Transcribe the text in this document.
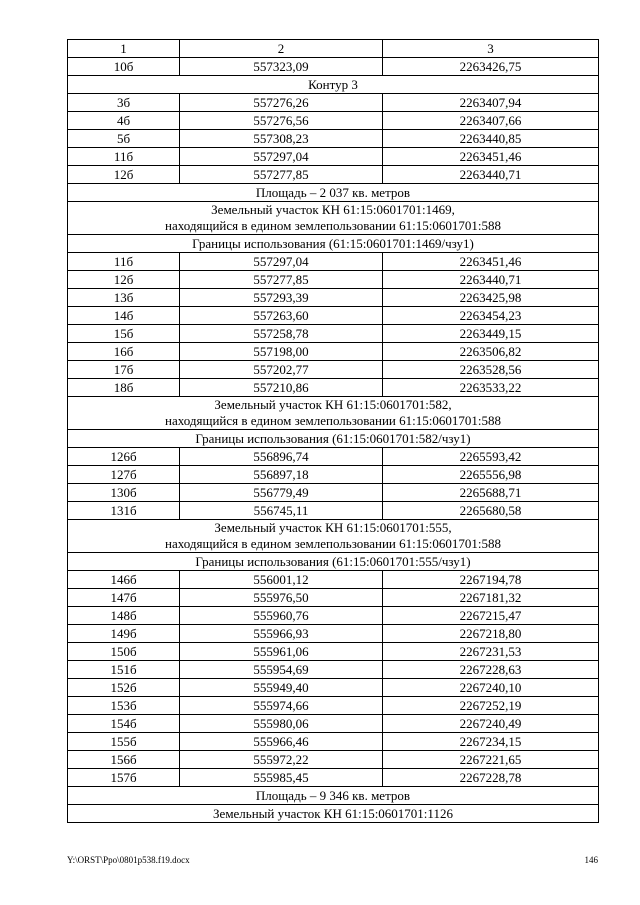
1	2	3
10б	557323,09	2263426,75

Контур 3		

3б	557276,26	2263407,94
4б	557276,56	2263407,66
5б	557308,23	2263440,85
11б	557297,04	2263451,46
12б	557277,85	2263440,71

Площадь – 2 037 кв. метров		

Земельный участок КН 61:15:0601701:1469,
находящийся в едином землепользовании 61:15:0601701:588		

Границы использования (61:15:0601701:1469/чзу1)		

11б	557297,04	2263451,46
12б	557277,85	2263440,71
13б	557293,39	2263425,98
14б	557263,60	2263454,23
15б	557258,78	2263449,15
16б	557198,00	2263506,82
17б	557202,77	2263528,56
18б	557210,86	2263533,22

Земельный участок КН 61:15:0601701:582,
находящийся в едином землепользовании 61:15:0601701:588		

Границы использования (61:15:0601701:582/чзу1)		

126б	556896,74	2265593,42
127б	556897,18	2265556,98
130б	556779,49	2265688,71
131б	556745,11	2265680,58

Земельный участок КН 61:15:0601701:555,
находящийся в едином землепользовании 61:15:0601701:588		

Границы использования (61:15:0601701:555/чзу1)		

146б	556001,12	2267194,78
147б	555976,50	2267181,32
148б	555960,76	2267215,47
149б	555966,93	2267218,80
150б	555961,06	2267231,53
151б	555954,69	2267228,63
152б	555949,40	2267240,10
153б	555974,66	2267252,19
154б	555980,06	2267240,49
155б	555966,46	2267234,15
156б	555972,22	2267221,65
157б	555985,45	2267228,78

Площадь – 9 346 кв. метров		

Земельный участок КН 61:15:0601701:1126		
Y:\ORST\Ppo\0801p538.f19.docx	146
